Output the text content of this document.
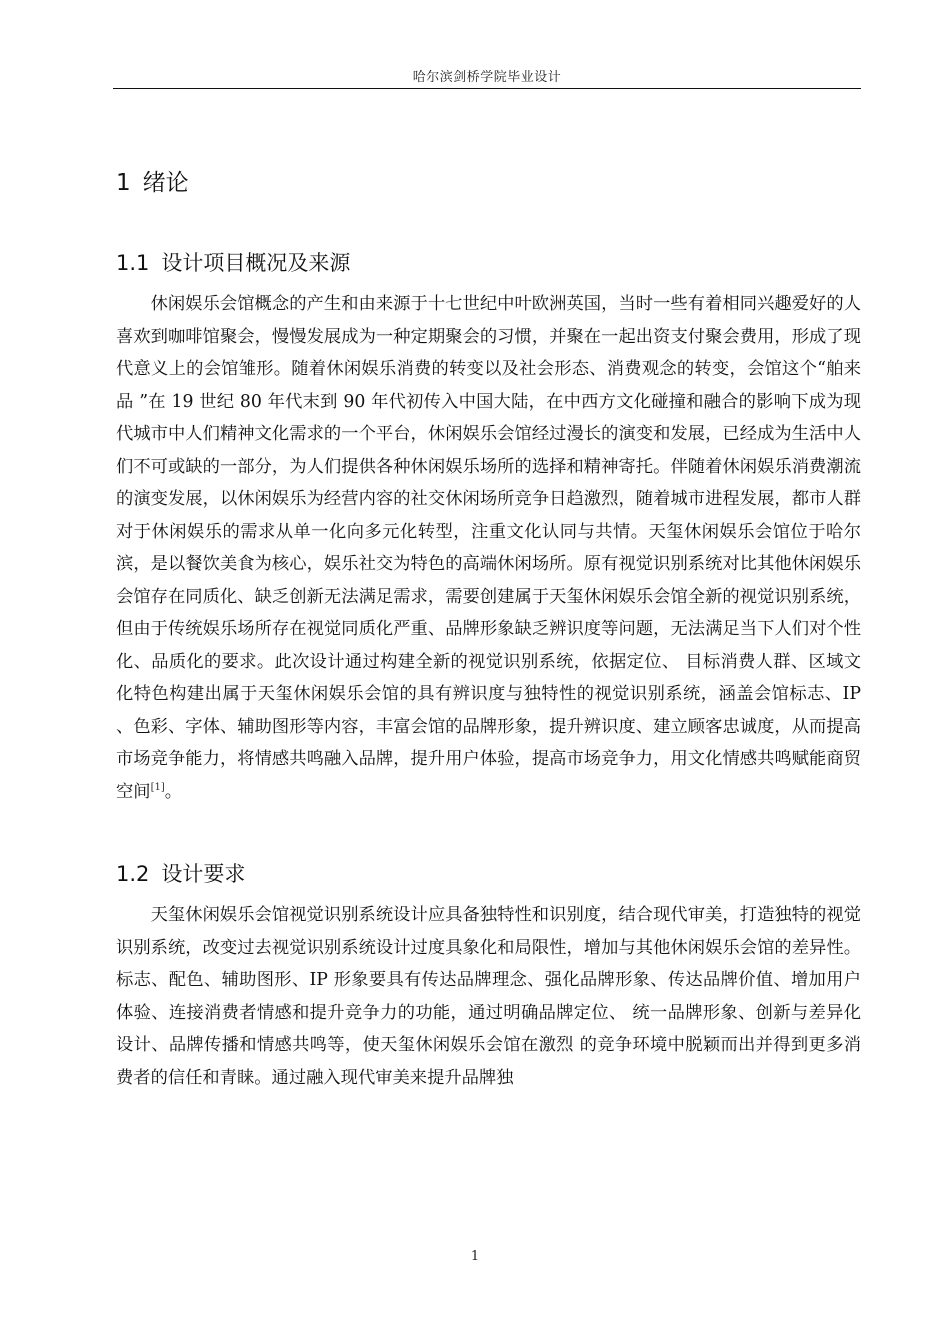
哈尔滨剑桥学院毕业设计
1 绪论
1.1 设计项目概况及来源

休闲娱乐会馆概念的产生和由来源于十七世纪中叶欧洲英国，当时一些有着相同兴趣爱好的人喜欢到咖啡馆聚会，慢慢发展成为一种定期聚会的习惯，并聚在一起出资支付聚会费用，形成了现代意义上的会馆雏形。随着休闲娱乐消费的转变以及社会形态、消费观念的转变，会馆这个“舶来品 ”在 19 世纪 80 年代末到 90 年代初传入中国大陆，在中西方文化碰撞和融合的影响下成为现代城市中人们精神文化需求的一个平台，休闲娱乐会馆经过漫长的演变和发展，已经成为生活中人们不可或缺的一部分，为人们提供各种休闲娱乐场所的选择和精神寄托。伴随着休闲娱乐消费潮流的演变发展，以休闲娱乐为经营内容的社交休闲场所竞争日趋激烈，随着城市进程发展，都市人群对于休闲娱乐的需求从单一化向多元化转型，注重文化认同与共情。天玺休闲娱乐会馆位于哈尔滨，是以餐饮美食为核心，娱乐社交为特色的高端休闲场所。原有视觉识别系统对比其他休闲娱乐会馆存在同质化、缺乏创新无法满足需求，需要创建属于天玺休闲娱乐会馆全新的视觉识别系统，但由于传统娱乐场所存在视觉同质化严重、品牌形象缺乏辨识度等问题，无法满足当下人们对个性化、品质化的要求。此次设计通过构建全新的视觉识别系统，依据定位、 目标消费人群、区域文化特色构建出属于天玺休闲娱乐会馆的具有辨识度与独特性的视觉识别系统，涵盖会馆标志、IP 、色彩、字体、辅助图形等内容，丰富会馆的品牌形象，提升辨识度、建立顾客忠诚度，从而提高市场竞争能力，将情感共鸣融入品牌，提升用户体验，提高市场竞争力，用文化情感共鸣赋能商贸空间[1]。

1.2 设计要求

天玺休闲娱乐会馆视觉识别系统设计应具备独特性和识别度，结合现代审美，打造独特的视觉识别系统，改变过去视觉识别系统设计过度具象化和局限性，增加与其他休闲娱乐会馆的差异性。标志、配色、辅助图形、IP 形象要具有传达品牌理念、强化品牌形象、传达品牌价值、增加用户体验、连接消费者情感和提升竞争力的功能，通过明确品牌定位、 统一品牌形象、创新与差异化设计、品牌传播和情感共鸣等，使天玺休闲娱乐会馆在激烈 的竞争环境中脱颖而出并得到更多消费者的信任和青睐。通过融入现代审美来提升品牌独

1
